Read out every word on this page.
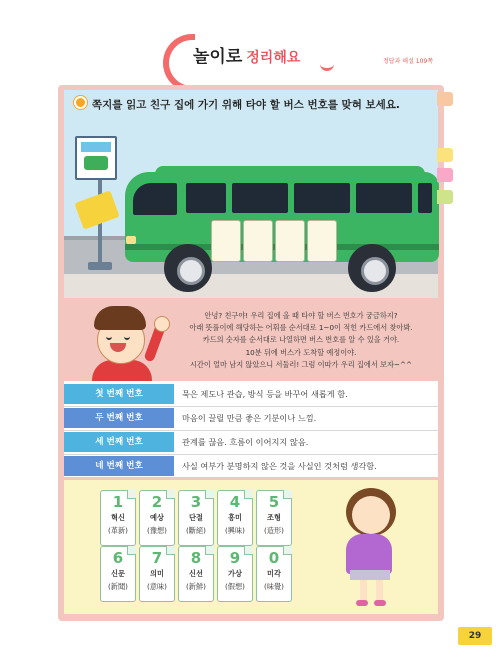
놀이로 정리해요	정답과 해설 109쪽
쪽지를 읽고 친구 집에 가기 위해 타야 할 버스 번호를 맞혀 보세요.
안녕? 친구야! 우리 집에 올 때 타야 할 버스 번호가 궁금하지?
아래 뜻풀이에 해당하는 어휘를 순서대로 1~0이 적힌 카드에서 찾아봐.
카드의 숫자를 순서대로 나열하면 버스 번호를 알 수 있을 거야.
10분 뒤에 버스가 도착할 예정이야.
시간이 얼마 남지 않았으니 서둘러! 그럼 이따가 우리 집에서 보자~^^
첫 번째 번호	묵은 제도나 관습, 방식 등을 바꾸어 새롭게 함.
두 번째 번호	마음이 끌릴 만큼 좋은 기분이나 느낌.
세 번째 번호	관계를 끊음. 흐름이 이어지지 않음.
네 번째 번호	사실 여부가 분명하지 않은 것을 사실인 것처럼 생각함.
1
혁신
(革新)
2
예상
(豫想)
3
단절
(斷絕)
4
흥미
(興味)
5
조형
(造形)
6
신문
(新聞)
7
의미
(意味)
8
신선
(新鮮)
9
가상
(假想)
0
미각
(味覺)
29
